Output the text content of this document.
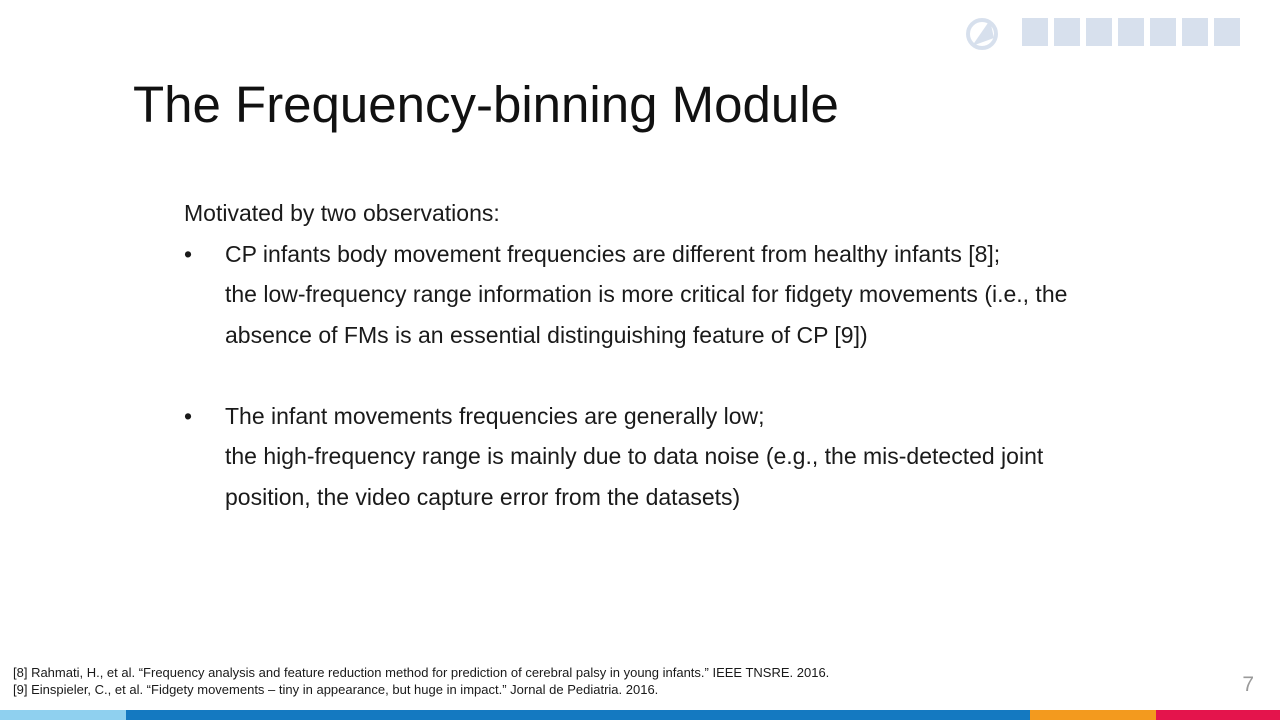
The Frequency-binning Module

Motivated by two observations:

• CP infants body movement frequencies are different from healthy infants [8];
the low-frequency range information is more critical for fidgety movements (i.e., the
absence of FMs is an essential distinguishing feature of CP [9])
• The infant movements frequencies are generally low;
the high-frequency range is mainly due to data noise (e.g., the mis-detected joint
position, the video capture error from the datasets)
[8] Rahmati, H., et al. “Frequency analysis and feature reduction method for prediction of cerebral palsy in young infants.” IEEE TNSRE. 2016.
[9] Einspieler, C., et al. “Fidgety movements – tiny in appearance, but huge in impact.” Jornal de Pediatria. 2016.	7
